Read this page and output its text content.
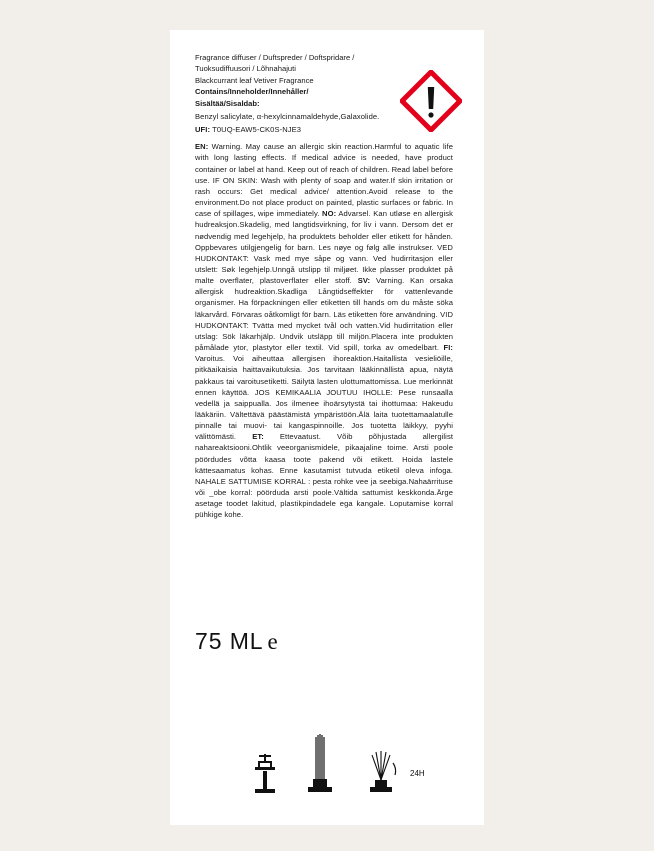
Fragrance diffuser / Duftspreder / Doftspridare /
Tuoksudiffuusori / Lõhnahajuti
Blackcurrant leaf Vetiver Fragrance
Contains/Inneholder/Innehåller/
Sisältää/Sisaldab:
Benzyl salicylate, α-hexylcinnamaldehyde,Galaxolide.
UFI: T0UQ-EAW5-CK0S-NJE3
EN: Warning. May cause an allergic skin reaction.Harmful to aquatic life with long lasting effects. If medical advice is needed, have product container or label at hand. Keep out of reach of children. Read label before use. IF ON SKIN: Wash with plenty of soap and water.If skin irritation or rash occurs: Get medical advice/ attention.Avoid release to the environment.Do not place product on painted, plastic surfaces or fabric. In case of spillages, wipe immediately. NO: Advarsel. Kan utløse en allergisk hudreaksjon.Skadelig, med langtidsvirkning, for liv i vann. Dersom det er nødvendig med legehjelp, ha produktets beholder eller etikett for hånden. Oppbevares utilgjengelig for barn. Les nøye og følg alle instrukser. VED HUDKONTAKT: Vask med mye såpe og vann. Ved hudirritasjon eller utslett: Søk legehjelp.Unngå utslipp til miljøet. Ikke plasser produktet på malte overflater, plastoverflater eller stoff. SV: Varning. Kan orsaka allergisk hudreaktion.Skadliga Långtidseffekter för vattenlevande organismer. Ha förpackningen eller etiketten till hands om du måste söka läkarvård. Förvaras oåtkomligt för barn. Läs etiketten före användning. VID HUDKONTAKT: Tvätta med mycket tvål och vatten.Vid hudirritation eller utslag: Sök läkarhjälp. Undvik utsläpp till miljön.Placera inte produkten påmålade ytor, plastytor eller textil. Vid spill, torka av omedelbart. FI: Varoitus. Voi aiheuttaa allergisen ihoreaktion.Haitallista vesieliöille, pitkäaikaisia haittavaikutuksia. Jos tarvitaan lääkinnällistä apua, näytä pakkaus tai varoitusetiketti. Säilytä lasten ulottumattomissa. Lue merkinnät ennen käyttöä. JOS KEMIKAALIA JOUTUU IHOLLE: Pese runsaalla vedellä ja saippualla. Jos ilmenee ihoärsytystä tai ihottumaa: Hakeudu lääkäriin. Vältettävä päästämistä ympäristöön.Älä laita tuotettamaalatulle pinnalle tai muovi- tai kangaspinnoille. Jos tuotetta läikkyy, pyyhi välittömästi. ET: Ettevaatust. Võib põhjustada allergilist nahareaktsiooni.Ohtlik veeorganismidele, pikaajaline toime. Arsti poole pöördudes võtta kaasa toote pakend või etikett. Hoida lastele kättesaamatus kohas. Enne kasutamist tutvuda etiketil oleva infoga. NAHALE SATTUMISE KORRAL : pesta rohke vee ja seebiga.Nahaärrituse või _obe korral: pöörduda arsti poole.Vältida sattumist keskkonda.Ärge asetage toodet lakitud, plastikpindadele ega kangale. Loputamise korral pühkige kohe.
75 ML e
24H
